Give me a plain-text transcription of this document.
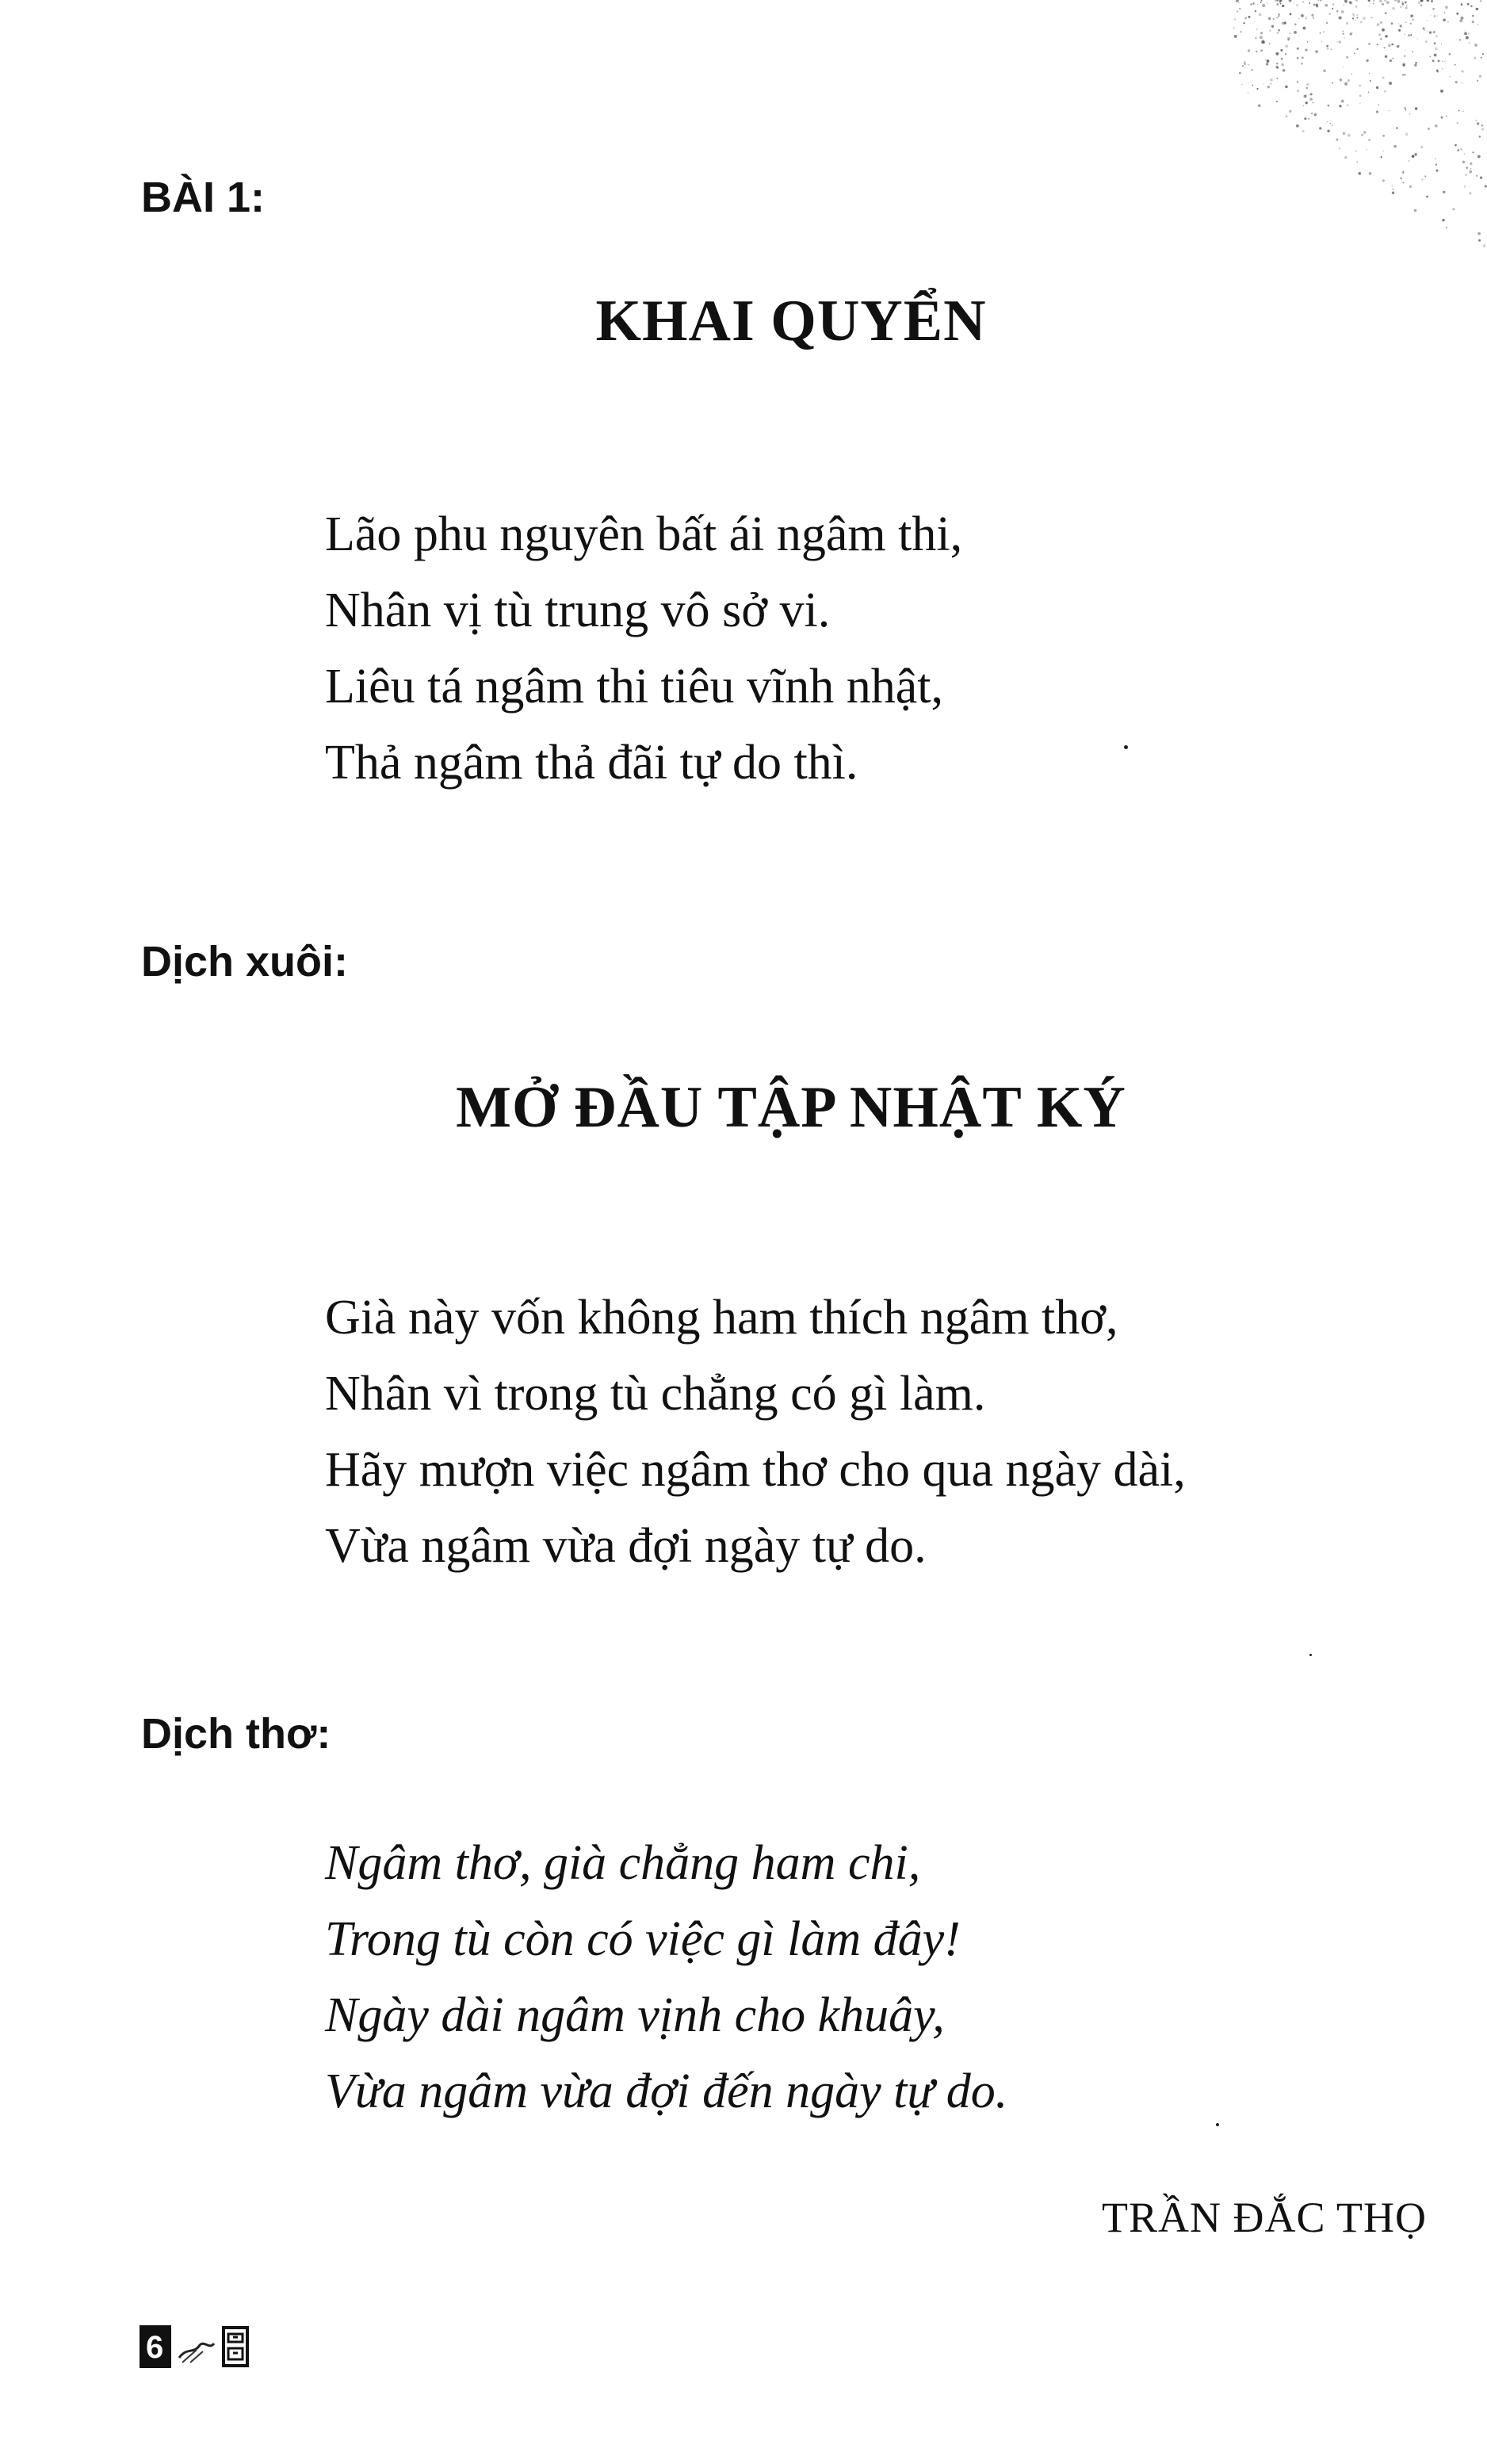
BÀI 1:
KHAI QUYỂN
Lão phu nguyên bất ái ngâm thi,
Nhân vị tù trung vô sở vi.
Liêu tá ngâm thi tiêu vĩnh nhật,
Thả ngâm thả đãi tự do thì.
Dịch xuôi:
MỞ ĐẦU TẬP NHẬT KÝ
Già này vốn không ham thích ngâm thơ,
Nhân vì trong tù chẳng có gì làm.
Hãy mượn việc ngâm thơ cho qua ngày dài,
Vừa ngâm vừa đợi ngày tự do.
Dịch thơ:
Ngâm thơ, già chẳng ham chi,
Trong tù còn có việc gì làm đây!
Ngày dài ngâm vịnh cho khuây,
Vừa ngâm vừa đợi đến ngày tự do.
TRẦN ĐẮC THỌ
6
